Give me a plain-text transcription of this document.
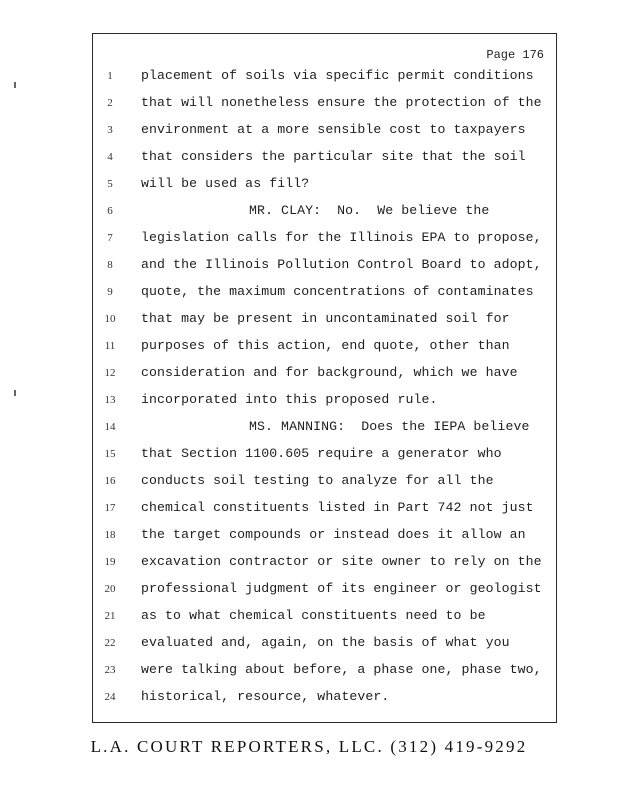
Page 176
1	placement of soils via specific permit conditions
2	that will nonetheless ensure the protection of the
3	environment at a more sensible cost to taxpayers
4	that considers the particular site that the soil
5	will be used as fill?
6	MR. CLAY:  No.  We believe the
7	legislation calls for the Illinois EPA to propose,
8	and the Illinois Pollution Control Board to adopt,
9	quote, the maximum concentrations of contaminates
10	that may be present in uncontaminated soil for
11	purposes of this action, end quote, other than
12	consideration and for background, which we have
13	incorporated into this proposed rule.
14	MS. MANNING:  Does the IEPA believe
15	that Section 1100.605 require a generator who
16	conducts soil testing to analyze for all the
17	chemical constituents listed in Part 742 not just
18	the target compounds or instead does it allow an
19	excavation contractor or site owner to rely on the
20	professional judgment of its engineer or geologist
21	as to what chemical constituents need to be
22	evaluated and, again, on the basis of what you
23	were talking about before, a phase one, phase two,
24	historical, resource, whatever.
L.A. COURT REPORTERS, LLC. (312) 419-9292
